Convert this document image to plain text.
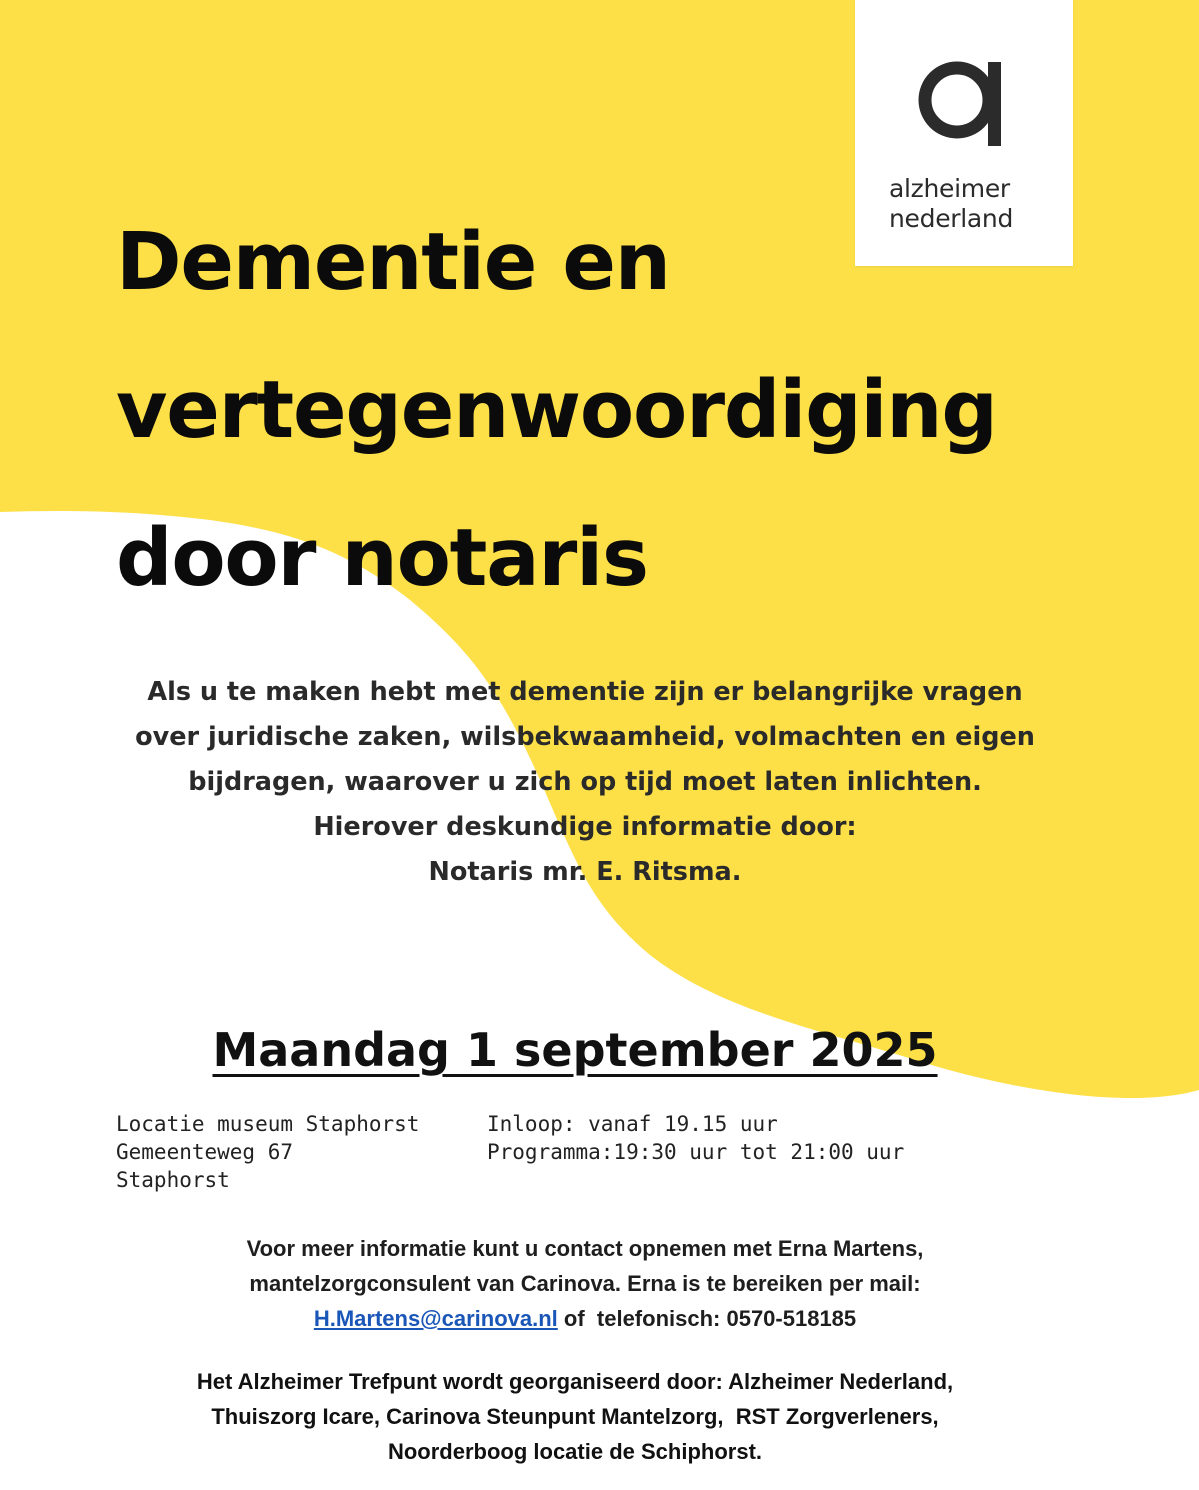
alzheimer
nederland
Dementie en
vertegenwoordiging
door notaris
Als u te maken hebt met dementie zijn er belangrijke vragen
over juridische zaken, wilsbekwaamheid, volmachten en eigen
bijdragen, waarover u zich op tijd moet laten inlichten.
Hierover deskundige informatie door:
Notaris mr. E. Ritsma.
Maandag 1 september 2025
Locatie museum Staphorst
Gemeenteweg 67
Staphorst
Inloop: vanaf 19.15 uur
Programma:19:30 uur tot 21:00 uur
Voor meer informatie kunt u contact opnemen met Erna Martens,
mantelzorgconsulent van Carinova. Erna is te bereiken per mail:
H.Martens@carinova.nl of  telefonisch: 0570-518185
Het Alzheimer Trefpunt wordt georganiseerd door: Alzheimer Nederland,
Thuiszorg Icare, Carinova Steunpunt Mantelzorg,  RST Zorgverleners,
Noorderboog locatie de Schiphorst.
